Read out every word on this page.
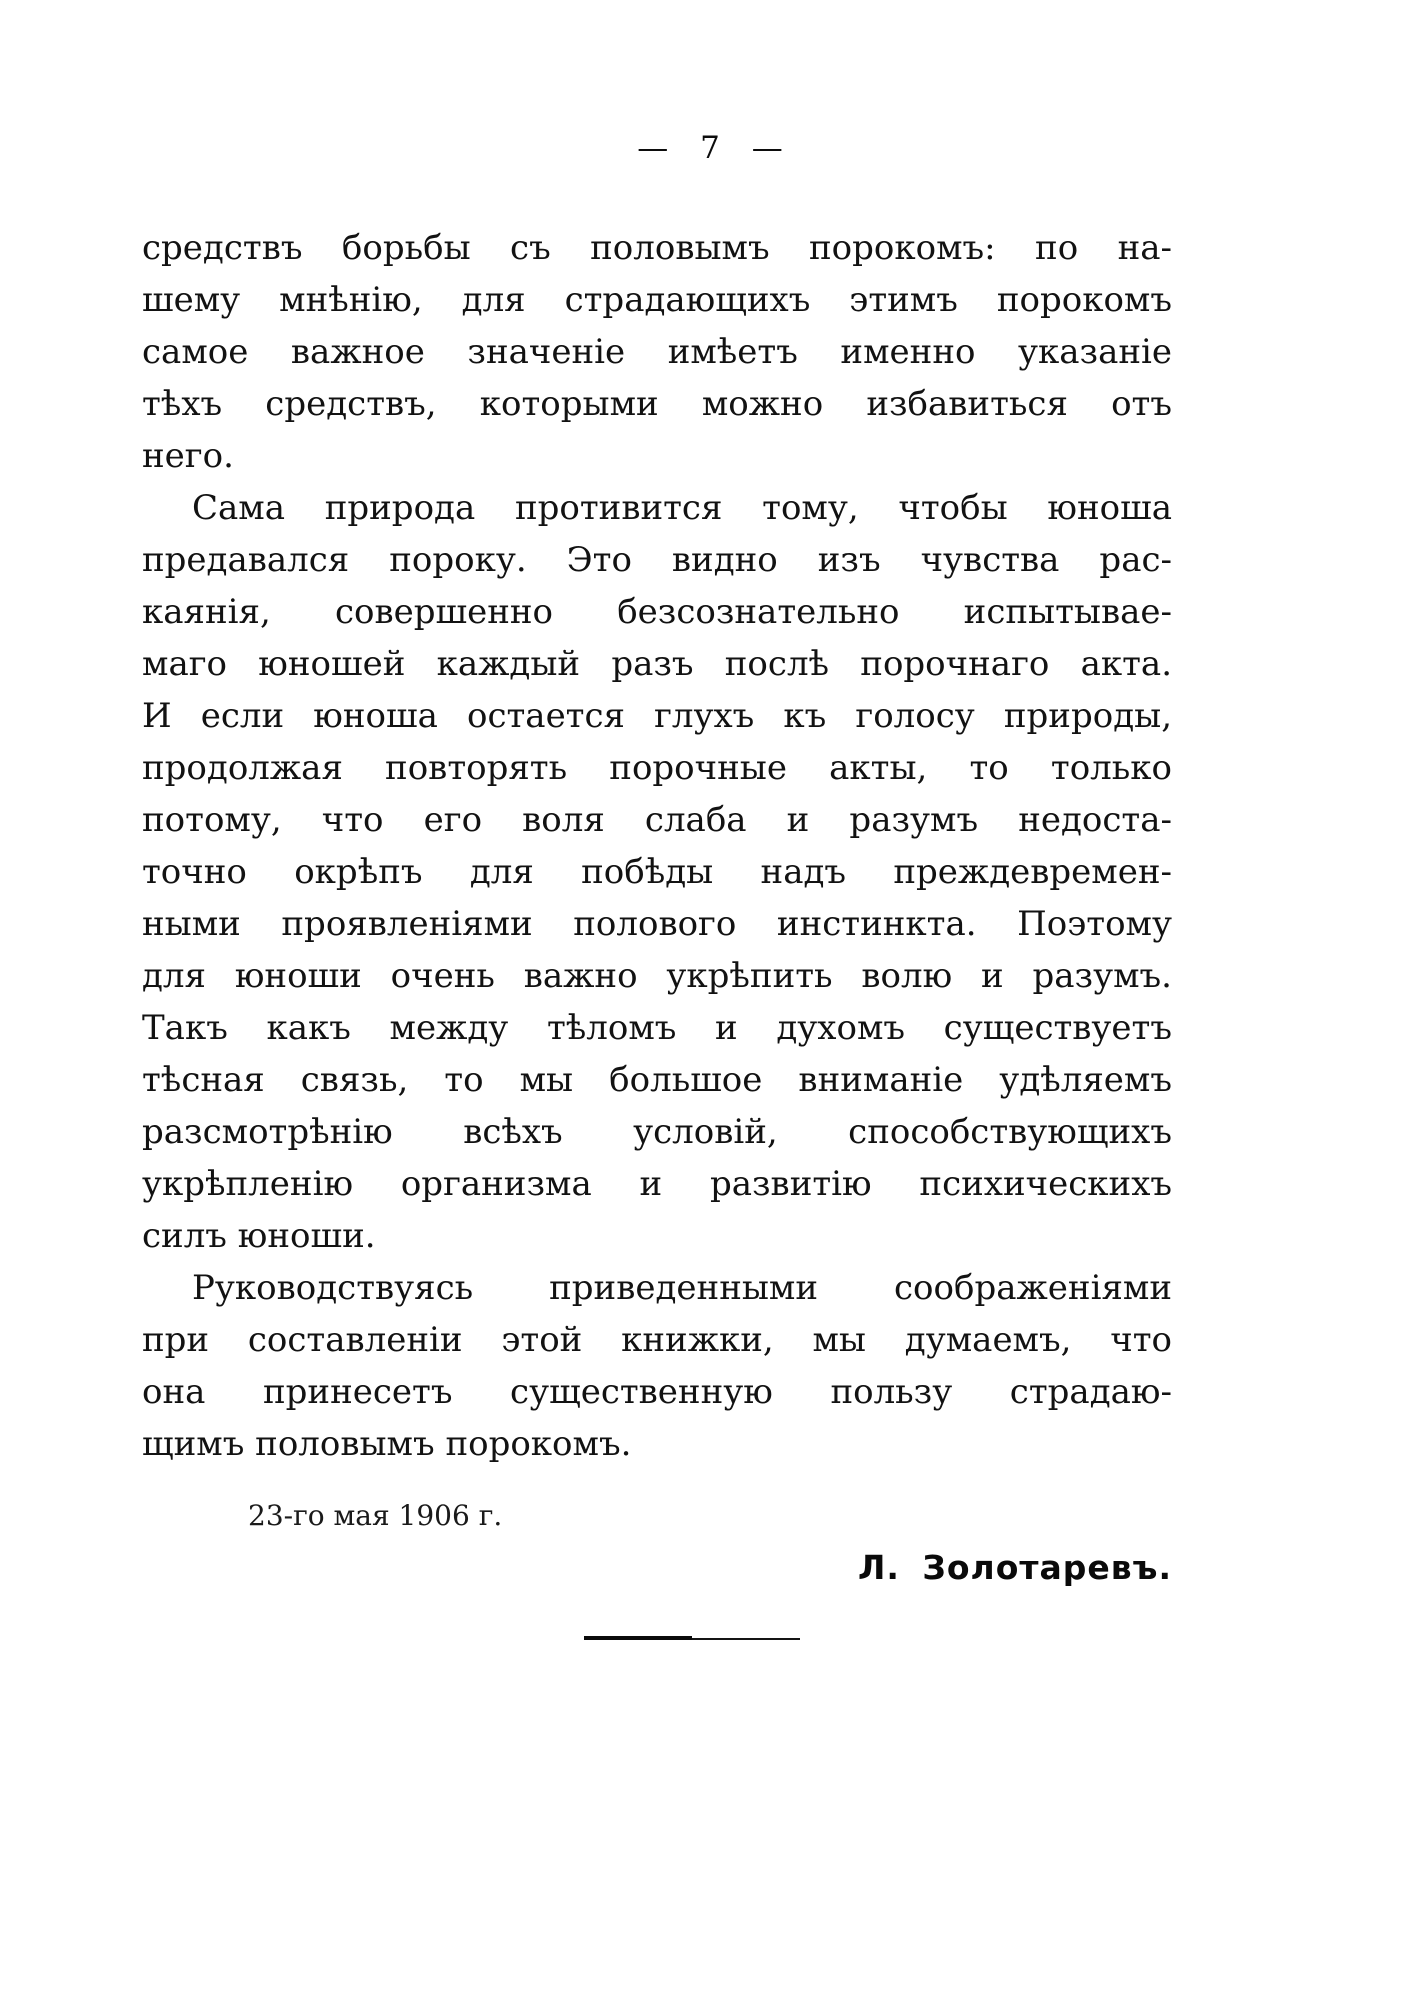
— 7 —
средствъ борьбы съ половымъ порокомъ: по на-
шему мнѣнію, для страдающихъ этимъ порокомъ
самое важное значеніе имѣетъ именно указаніе
тѣхъ средствъ, которыми можно избавиться отъ
него.
Сама природа противится тому, чтобы юноша
предавался пороку. Это видно изъ чувства рас-
каянія, совершенно безсознательно испытывае-
маго юношей каждый разъ послѣ порочнаго акта.
И если юноша остается глухъ къ голосу природы,
продолжая повторять порочные акты, то только
потому, что его воля слаба и разумъ недоста-
точно окрѣпъ для побѣды надъ преждевремен-
ными проявленіями полового инстинкта. Поэтому
для юноши очень важно укрѣпить волю и разумъ.
Такъ какъ между тѣломъ и духомъ существуетъ
тѣсная связь, то мы большое вниманіе удѣляемъ
разсмотрѣнію всѣхъ условій, способствующихъ
укрѣпленію организма и развитію психическихъ
силъ юноши.
Руководствуясь приведенными соображеніями
при составленіи этой книжки, мы думаемъ, что
она принесетъ существенную пользу страдаю-
щимъ половымъ порокомъ.
23-го мая 1906 г.
Л. Золотаревъ.
